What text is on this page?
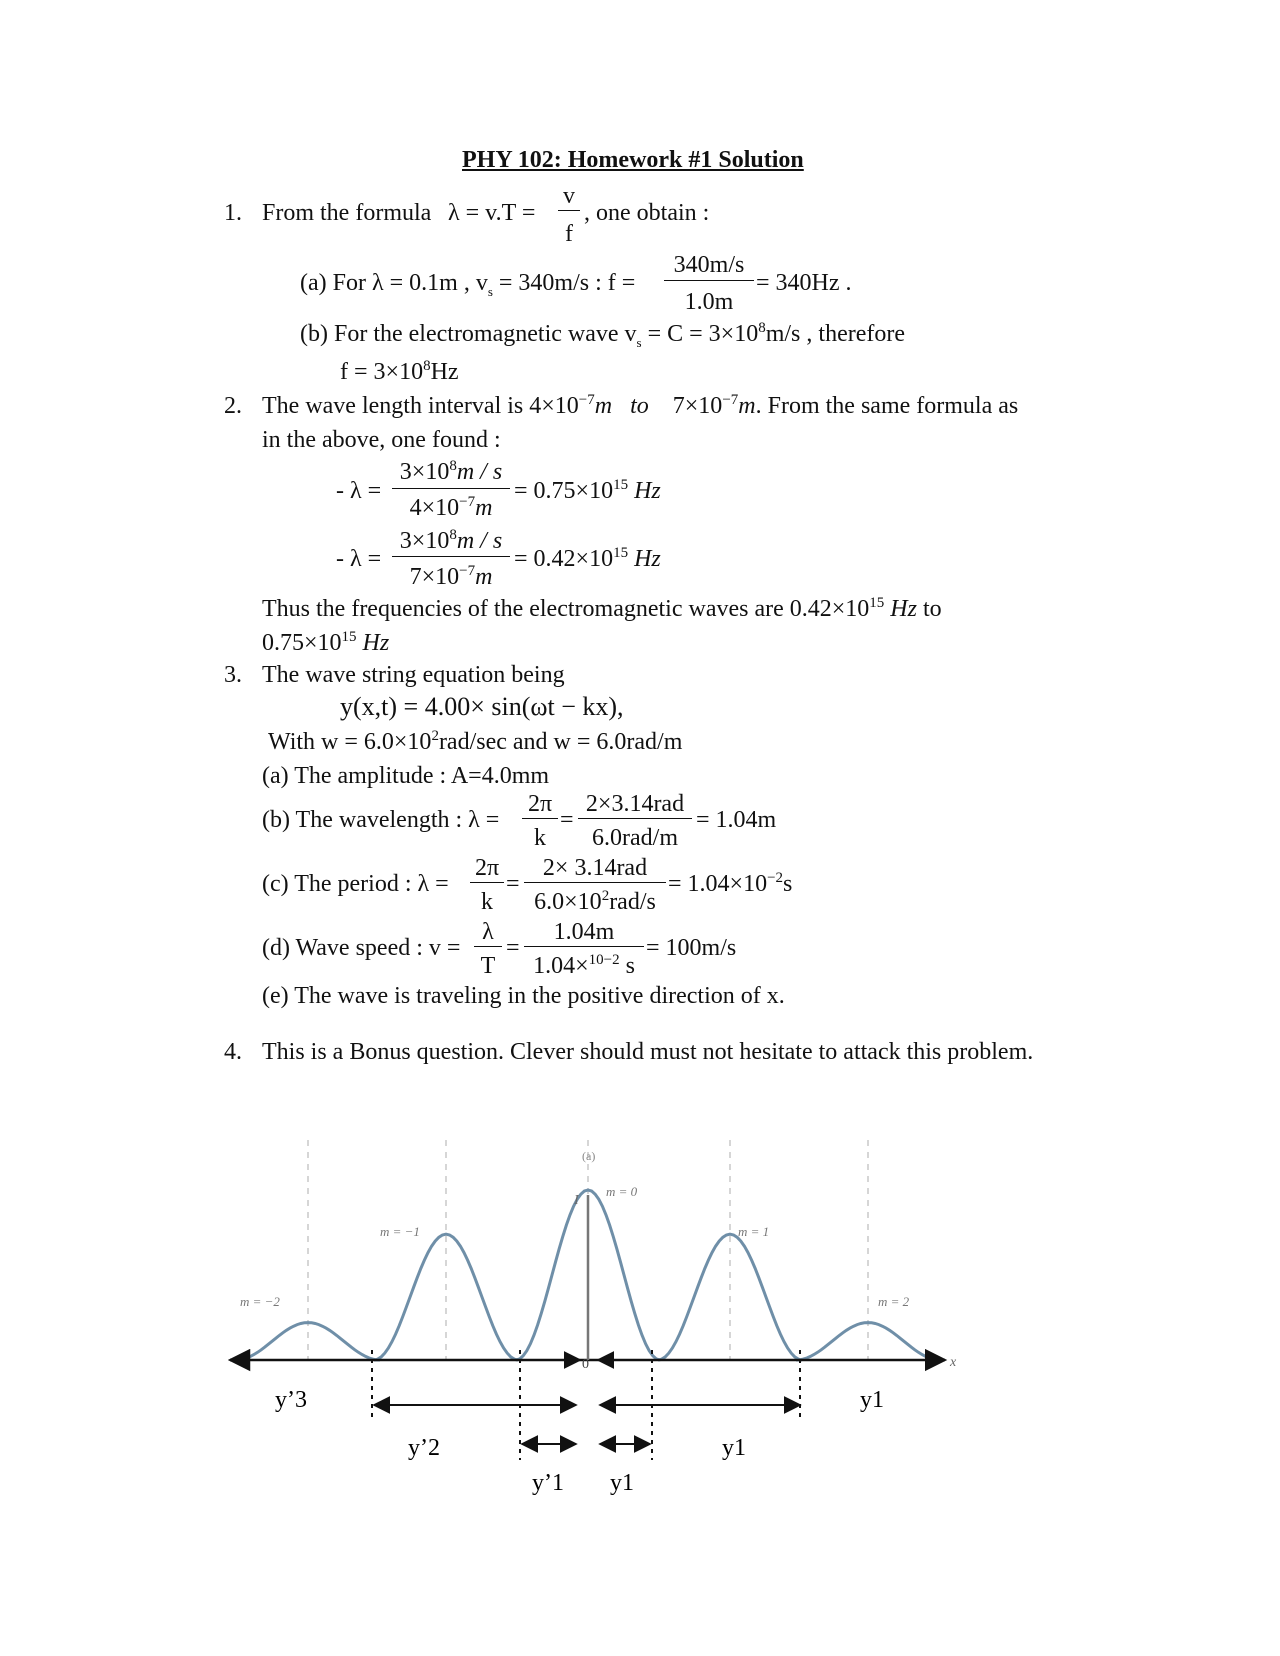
PHY 102: Homework #1 Solution
1. From the formula λ = v.T =
v
f
, one obtain :
(a) For λ = 0.1m , $v_s = 340m/s$ : f =
340m/s
1.0m
= 340Hz .
(b) For the electromagnetic wave $v_s = C = 3\times 10^8m/s$ , therefore
$f = 3\times 10^8Hz$
2. The wave length interval is $4\times 10^{-7}m$ to $7\times 10^{-7}m$. From the same formula as
in the above, one found :
- λ =
$3\times 10^8m / s$
$4\times 10^{-7}m$
= $0.75\times 10^{15}$ Hz
- λ =
$3\times 10^8m / s$
$7\times 10^{-7}m$
= $0.42\times 10^{15}$ Hz
Thus the frequencies of the electromagnetic waves are $0.42\times 10^{15}$ Hz to
$0.75\times 10^{15}$ Hz
3. The wave string equation being
y(x,t) = 4.00× sin(ωt − kx),
With $w = 6.0\times 10^2rad/\sec$ and w = 6.0rad/m
(a) The amplitude : A=4.0mm
(b) The wavelength : λ =
2π
k
=
2×3.14rad
6.0rad/m
= 1.04m
(c) The period : λ =
2π
k
=
2× 3.14rad
$6.0\times 10^2rad/s$
= $1.04\times 10^{-2}s$
(d) Wave speed : v =
λ
T
=
1.04m
1.04×$^{10-2}$ s
= 100m/s
(e) The wave is traveling in the positive direction of x.
4. This is a Bonus question. Clever should must not hesitate to attack this problem.
m = −2
m = −1
m = 0
m = 1
m = 2
(a)
I
x
0
y’3
y’2
y’1 y1
y1
y1
